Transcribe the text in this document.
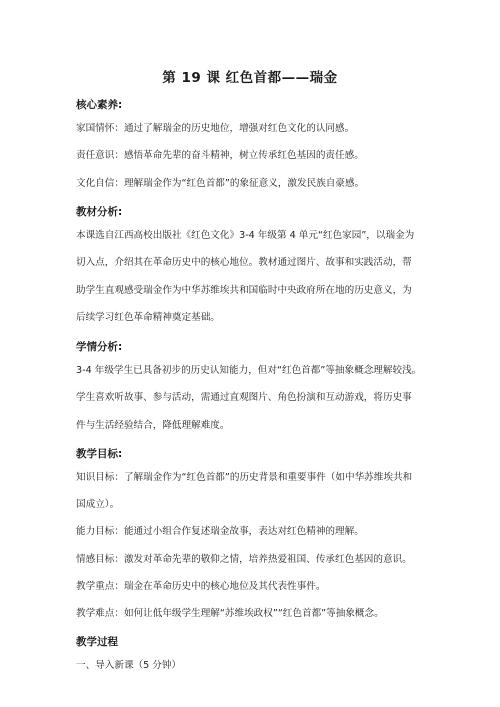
第 19 课 红色首都——瑞金
核心素养:
家国情怀：通过了解瑞金的历史地位，增强对红色文化的认同感。
责任意识：感悟革命先辈的奋斗精神，树立传承红色基因的责任感。
文化自信：理解瑞金作为“红色首都”的象征意义，激发民族自豪感。
教材分析:
本课选自江西高校出版社《红色文化》3-4 年级第 4 单元“红色家园”，以瑞金为
切入点，介绍其在革命历史中的核心地位。教材通过图片、故事和实践活动，帮
助学生直观感受瑞金作为中华苏维埃共和国临时中央政府所在地的历史意义，为
后续学习红色革命精神奠定基础。
学情分析:
3-4 年级学生已具备初步的历史认知能力，但对“红色首都”等抽象概念理解较浅。
学生喜欢听故事、参与活动，需通过直观图片、角色扮演和互动游戏，将历史事
件与生活经验结合，降低理解难度。
教学目标:
知识目标：了解瑞金作为“红色首都”的历史背景和重要事件（如中华苏维埃共和
国成立）。
能力目标：能通过小组合作复述瑞金故事，表达对红色精神的理解。
情感目标：激发对革命先辈的敬仰之情，培养热爱祖国、传承红色基因的意识。
教学重点：瑞金在革命历史中的核心地位及其代表性事件。
教学难点：如何让低年级学生理解“苏维埃政权”“红色首都”等抽象概念。
教学过程
一、导入新课（5 分钟）
